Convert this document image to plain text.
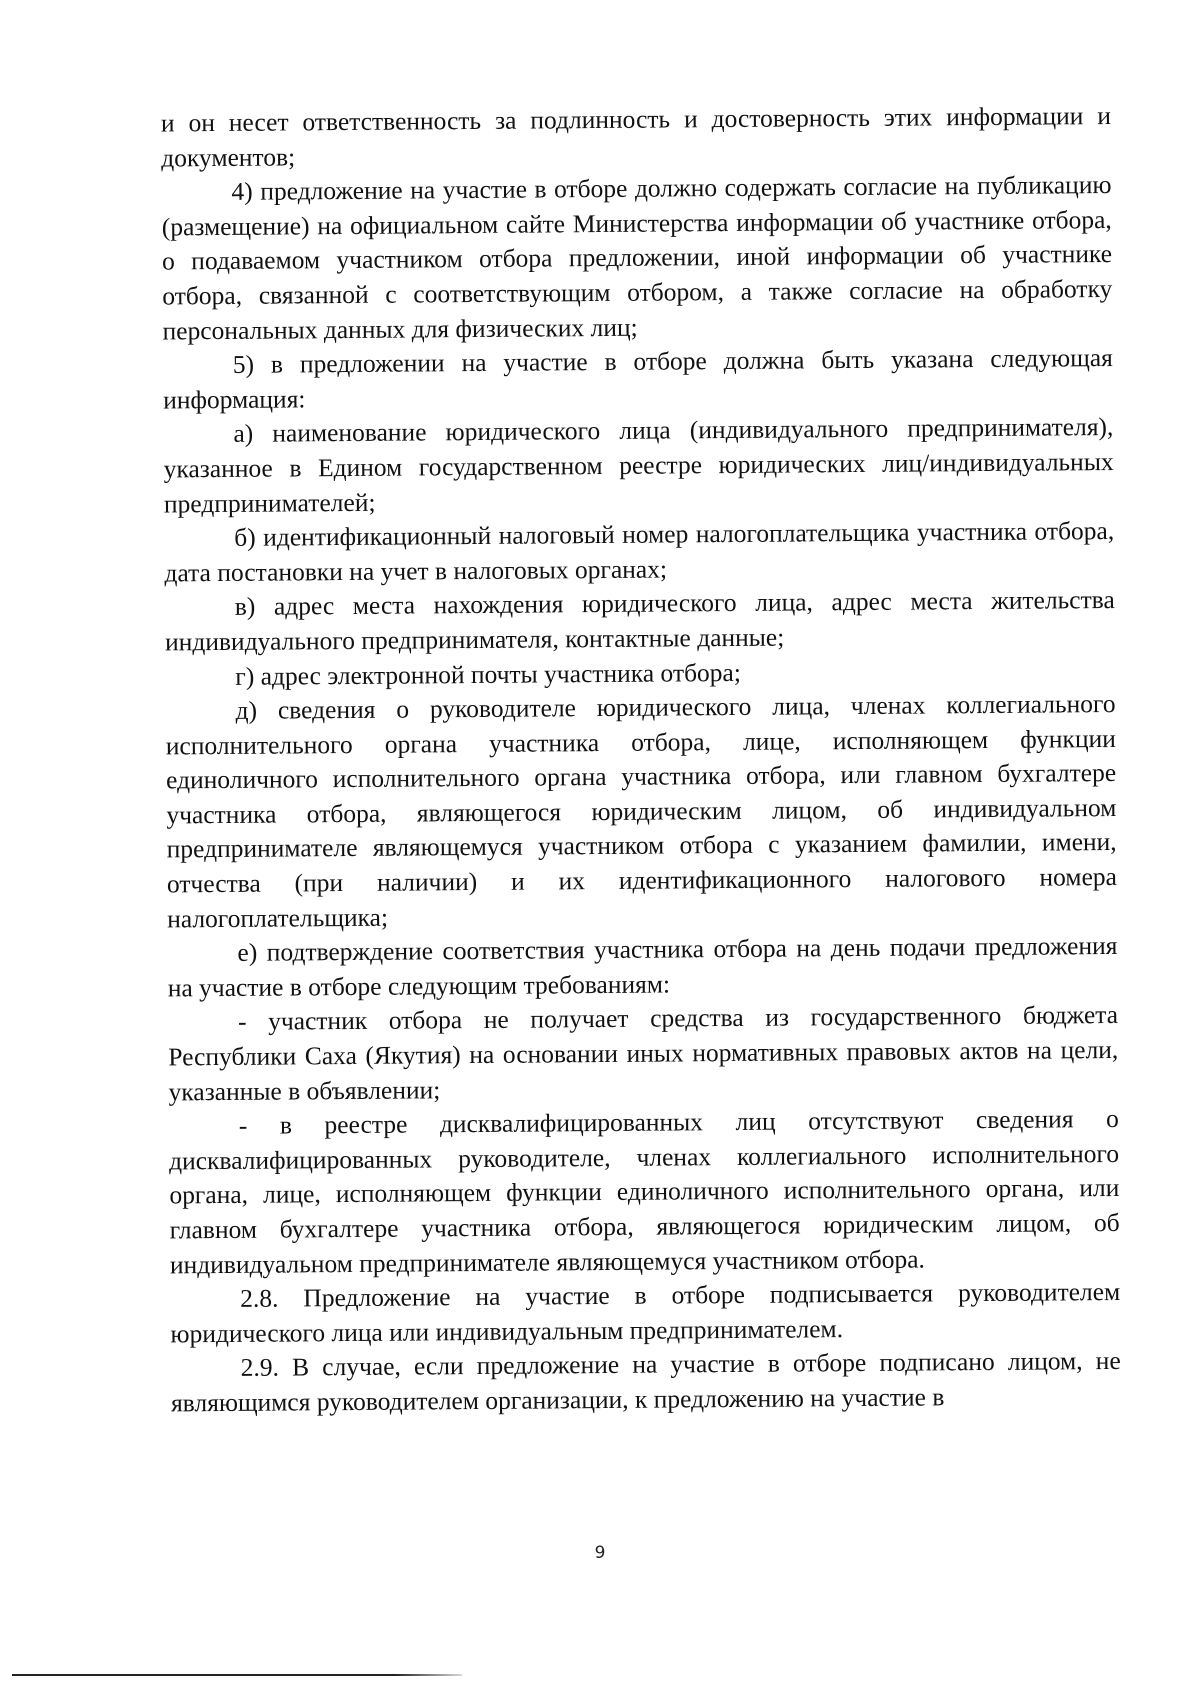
и он несет ответственность за подлинность и достоверность этих информации и документов;

4) предложение на участие в отборе должно содержать согласие на публикацию (размещение) на официальном сайте Министерства информации об участнике отбора, о подаваемом участником отбора предложении, иной информации об участнике отбора, связанной с соответствующим отбором, а также согласие на обработку персональных данных для физических лиц;

5) в предложении на участие в отборе должна быть указана следующая информация:

а) наименование юридического лица (индивидуального предпринимателя), указанное в Едином государственном реестре юридических лиц/индивидуальных предпринимателей;

б) идентификационный налоговый номер налогоплательщика участника отбора, дата постановки на учет в налоговых органах;

в) адрес места нахождения юридического лица, адрес места жительства индивидуального предпринимателя, контактные данные;

г) адрес электронной почты участника отбора;

д) сведения о руководителе юридического лица, членах коллегиального исполнительного органа участника отбора, лице, исполняющем функции единоличного исполнительного органа участника отбора, или главном бухгалтере участника отбора, являющегося юридическим лицом, об индивидуальном предпринимателе являющемуся участником отбора с указанием фамилии, имени, отчества (при наличии) и их идентификационного налогового номера налогоплательщика;

е) подтверждение соответствия участника отбора на день подачи предложения на участие в отборе следующим требованиям:

- участник отбора не получает средства из государственного бюджета Республики Саха (Якутия) на основании иных нормативных правовых актов на цели, указанные в объявлении;

- в реестре дисквалифицированных лиц отсутствуют сведения о дисквалифицированных руководителе, членах коллегиального исполнительного органа, лице, исполняющем функции единоличного исполнительного органа, или главном бухгалтере участника отбора, являющегося юридическим лицом, об индивидуальном предпринимателе являющемуся участником отбора.

2.8. Предложение на участие в отборе подписывается руководителем юридического лица или индивидуальным предпринимателем.

2.9. В случае, если предложение на участие в отборе подписано лицом, не являющимся руководителем организации, к предложению на участие в

9
